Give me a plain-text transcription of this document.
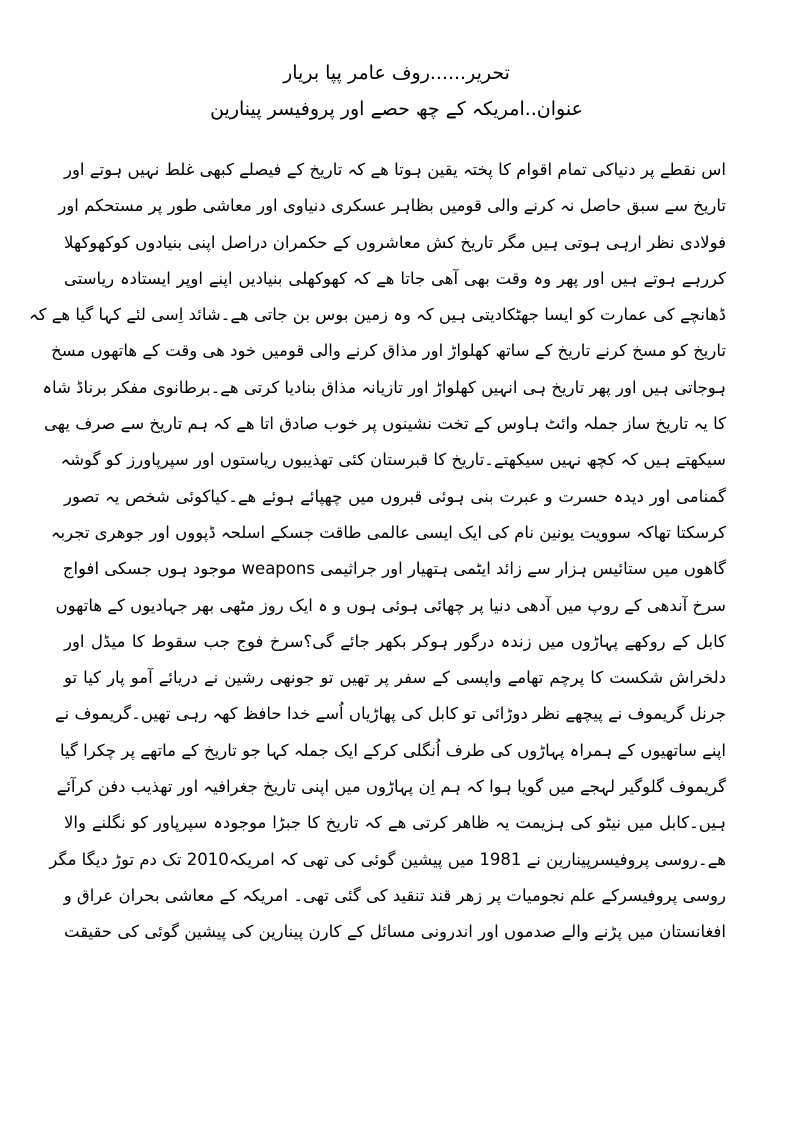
تحریر......روف عامر پپا بریار
عنوان..امریکہ کے چھ حصے اور پروفیسر پینارین
اس نقطے پر دنیاکی تمام اقوام کا پختہ یقین ہوتا ھے کہ تاریخ کے فیصلے کبھی غلط نہیں ہوتے اور
تاریخ سے سبق حاصل نہ کرنے والی قومیں بظاہر عسکری دنیاوی اور معاشی طور پر مستحکم اور
فولادی نظر ارہی ہوتی ہیں مگر تاریخ کش معاشروں کے حکمران دراصل اپنی بنیادوں کوکھوکھلا
کررہے ہوتے ہیں اور پھر وہ وقت بھی آھی جاتا ھے کہ کھوکھلی بنیادیں اپنے اوپر ایستادہ ریاستی
ڈھانچے کی عمارت کو ایسا جھٹکادیتی ہیں کہ وہ زمین بوس بن جاتی ھے۔شائد اِسی لئے کہا گیا ھے کہ
تاریخ کو مسخ کرنے تاریخ کے ساتھ کھلواڑ اور مذاق کرنے والی قومیں خود ھی وقت کے ھاتھوں مسخ
ہوجاتی ہیں اور پھر تاریخ ہی انہیں کھلواڑ اور تازیانہ مذاق بنادیا کرتی ھے۔برطانوی مفکر برناڈ شاہ
کا یہ تاریخ ساز جملہ وائٹ ہاوس کے تخت نشینوں پر خوب صادق اتا ھے کہ ہم تاریخ سے صرف یھی
سیکھتے ہیں کہ کچھ نہیں سیکھتے۔تاریخ کا قبرستان کئی تھذیبوں ریاستوں اور سپرپاورز کو گوشہ
گمنامی اور دیدہ حسرت و عبرت بنی ہوئی قبروں میں چھپائے ہوئے ھے۔کیاکوئی شخص یہ تصور
کرسکتا تھاکہ سوویت یونین نام کی ایک ایسی عالمی طاقت جسکے اسلحہ ڈپووں اور جوھری تجربہ
گاھوں میں ستائیس ہزار سے زائد ایٹمی ہتھیار اور جراثیمی weapons موجود ہوں جسکی افواج
سرخ آندھی کے روپ میں آدھی دنیا پر چھائی ہوئی ہوں و ہ ایک روز مٹھی بھر جہادیوں کے ھاتھوں
کابل کے روکھے پہاڑوں میں زندہ درگور ہوکر بکھر جائے گی؟سرخ فوج جب سقوط کا میڈل اور
دلخراش شکست کا پرچم تھامے واپسی کے سفر پر تھیں تو جونھی رشین نے دریائے آمو پار کیا تو
جرنل گریموف نے پیچھے نظر دوڑائی تو کابل کی پھاڑیاں اُسے خدا حافظ کھہ رہی تھیں۔گریموف نے
اپنے ساتھیوں کے ہمراہ پہاڑوں کی طرف اُنگلی کرکے ایک جملہ کہا جو تاریخ کے ماتھے پر چکرا گیا
گریموف گلوگیر لہجے میں گویا ہوا کہ ہم اِن پہاڑوں میں اپنی تاریخ جغرافیہ اور تھذیب دفن کرآئے
ہیں۔کابل میں نیٹو کی ہزیمت یہ ظاھر کرتی ھے کہ تاریخ کا جبڑا موجودہ سپرپاور کو نگلنے والا
ھے۔روسی پروفیسرپینارین نے 1981 میں پیشین گوئی کی تھی کہ امریکہ2010 تک دم توڑ دیگا مگر
روسی پروفیسرکے علم نجومیات پر زھر قند تنقید کی گئی تھی۔ امریکہ کے معاشی بحران عراق و
افغانستان میں پڑنے والے صدموں اور اندرونی مسائل کے کارن پینارین کی پیشین گوئی کی حقیقت
